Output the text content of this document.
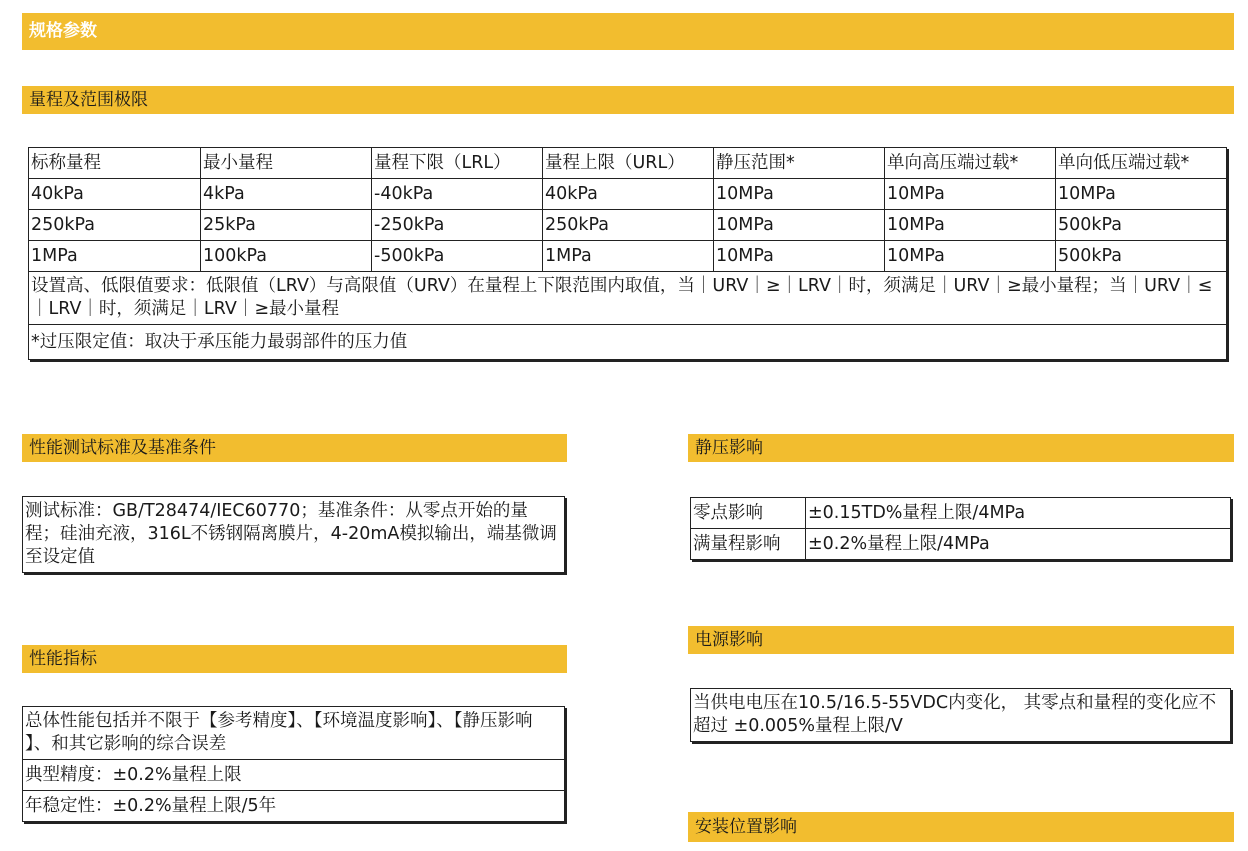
规格参数
量程及范围极限
标称量程	最小量程	量程下限（LRL）	量程上限（URL）	静压范围*	单向高压端过载*	单向低压端过载*
40kPa	4kPa	-40kPa	40kPa	10MPa	10MPa	10MPa
250kPa	25kPa	-250kPa	250kPa	10MPa	10MPa	500kPa
1MPa	100kPa	-500kPa	1MPa	10MPa	10MPa	500kPa
设置高、低限值要求：低限值（LRV）与高限值（URV）在量程上下限范围内取值，当｜URV｜≥｜LRV｜时，须满足｜URV｜≥最小量程；当｜URV｜≤｜LRV｜时，须满足｜LRV｜≥最小量程						
*过压限定值：取决于承压能力最弱部件的压力值						
性能测试标准及基准条件
测试标准：GB/T28474/IEC60770；基准条件：从零点开始的量程；硅油充液，316L不锈钢隔离膜片，4-20mA模拟输出，端基微调至设定值
性能指标
总体性能包括并不限于【参考精度】、【环境温度影响】、【静压影响 】、和其它影响的综合误差
典型精度：±0.2%量程上限
年稳定性：±0.2%量程上限/5年
静压影响
零点影响	±0.15TD%量程上限/4MPa
满量程影响	±0.2%量程上限/4MPa
电源影响
当供电电压在10.5/16.5-55VDC内变化， 其零点和量程的变化应不超过 ±0.005%量程上限/V
安装位置影响
